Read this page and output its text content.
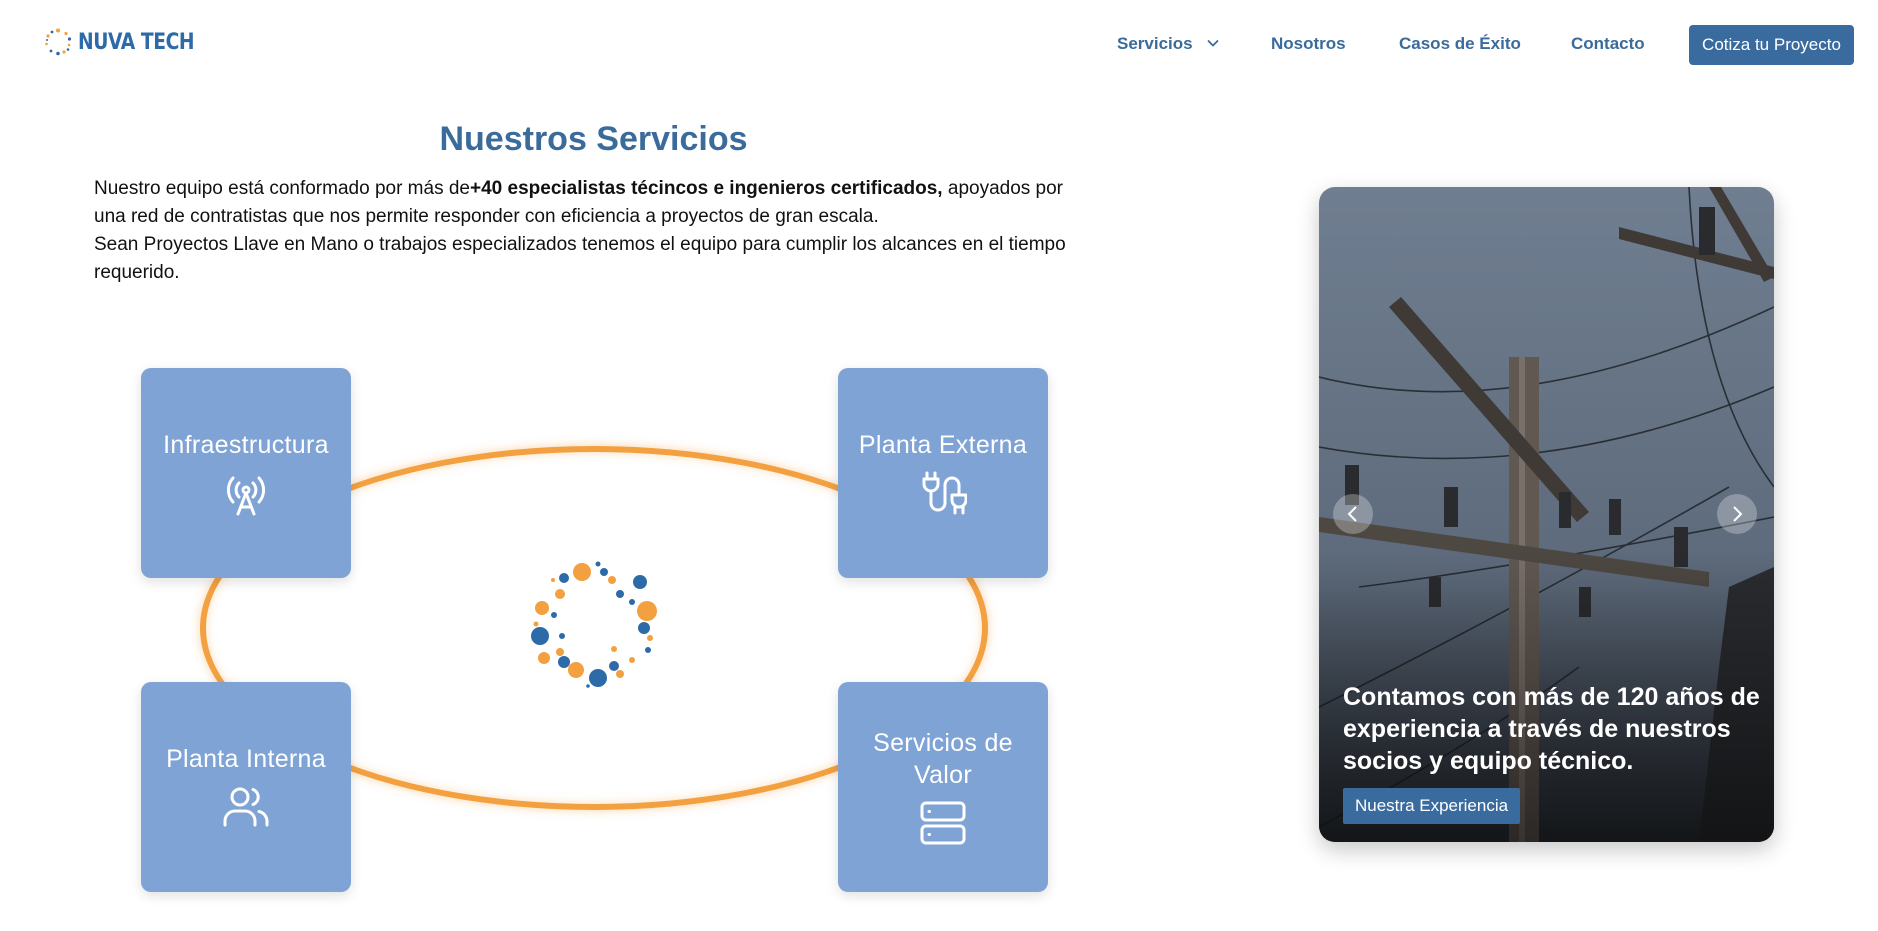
NUVA TECH	Servicios	Nosotros	Casos de Éxito	Contacto	Cotiza tu Proyecto
Nuestros Servicios
Nuestro equipo está conformado por más de+40 especialistas técincos e ingenieros certificados, apoyados por una red de contratistas que nos permite responder con eficiencia a proyectos de gran escala.
Sean Proyectos Llave en Mano o trabajos especializados tenemos el equipo para cumplir los alcances en el tiempo requerido.
Infraestructura	Planta Externa
Planta Interna
Servicios de Valor
Contamos con más de 120 años de experiencia a través de nuestros socios y equipo técnico.
Nuestra Experiencia
